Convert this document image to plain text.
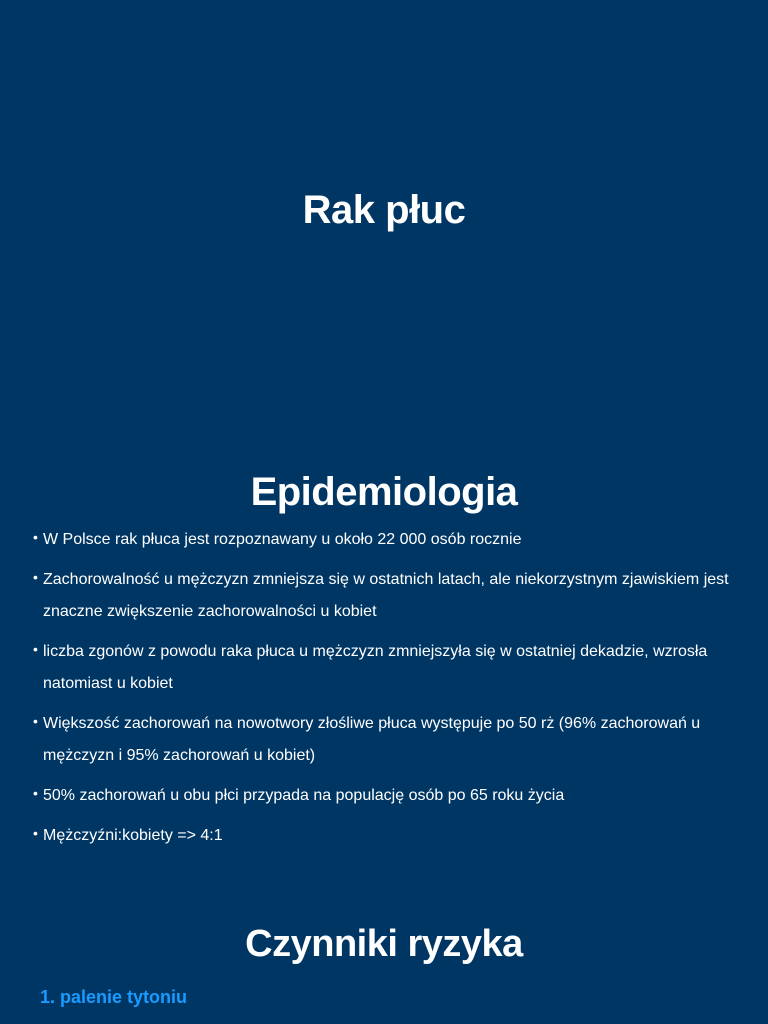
Rak płuc
Epidemiologia
• W Polsce rak płuca jest rozpoznawany u około 22 000 osób rocznie
• Zachorowalność u mężczyzn zmniejsza się w ostatnich latach, ale niekorzystnym zjawiskiem jest znaczne zwiększenie zachorowalności u kobiet
• liczba zgonów z powodu raka płuca u mężczyzn zmniejszyła się w ostatniej dekadzie, wzrosła natomiast u kobiet
• Większość zachorowań na nowotwory złośliwe płuca występuje po 50 rż (96% zachorowań u mężczyzn i 95% zachorowań u kobiet)
• 50% zachorowań u obu płci przypada na populację osób po 65 roku życia
• Mężczyźni:kobiety => 4:1
Czynniki ryzyka
1. palenie tytoniu
